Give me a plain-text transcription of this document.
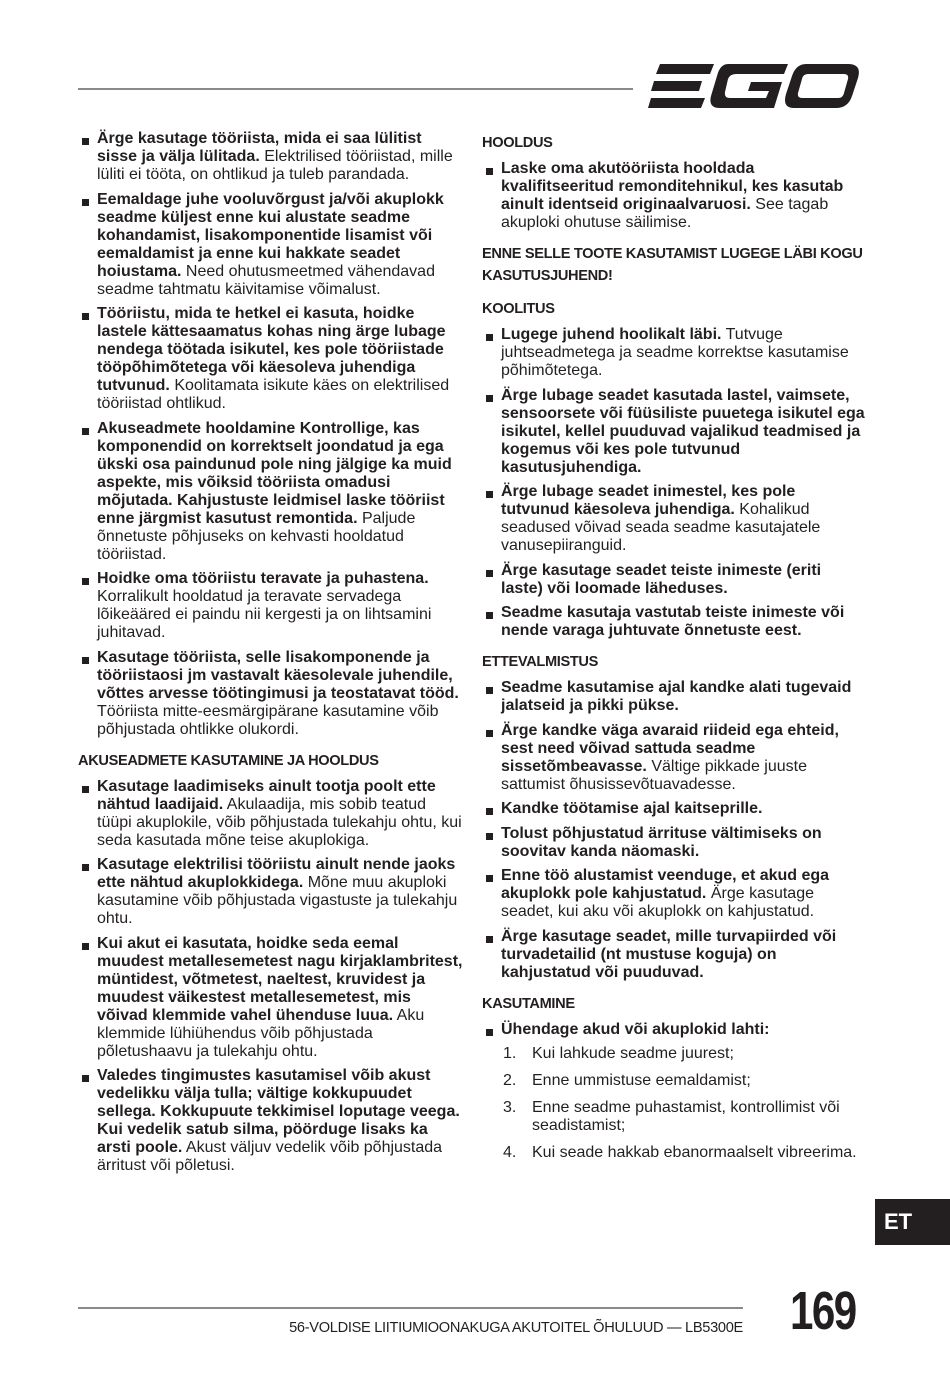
Ärge kasutage tööriista, mida ei saa lülitist sisse ja välja lülitada. Elektrilised tööriistad, mille lüliti ei tööta, on ohtlikud ja tuleb parandada.
Eemaldage juhe vooluvõrgust ja/või akuplokk seadme küljest enne kui alustate seadme kohandamist, lisakomponentide lisamist või eemaldamist ja enne kui hakkate seadet hoiustama. Need ohutusmeetmed vähendavad seadme tahtmatu käivitamise võimalust.
Tööriistu, mida te hetkel ei kasuta, hoidke lastele kättesaamatus kohas ning ärge lubage nendega töötada isikutel, kes pole tööriistade tööpõhimõtetega või käesoleva juhendiga tutvunud. Koolitamata isikute käes on elektrilised tööriistad ohtlikud.
Akuseadmete hooldamine Kontrollige, kas komponendid on korrektselt joondatud ja ega ükski osa paindunud pole ning jälgige ka muid aspekte, mis võiksid tööriista omadusi mõjutada. Kahjustuste leidmisel laske tööriist enne järgmist kasutust remontida. Paljude õnnetuste põhjuseks on kehvasti hooldatud tööriistad.
Hoidke oma tööriistu teravate ja puhastena. Korralikult hooldatud ja teravate servadega lõikeääred ei paindu nii kergesti ja on lihtsamini juhitavad.
Kasutage tööriista, selle lisakomponende ja tööriistaosi jm vastavalt käesolevale juhendile, võttes arvesse töötingimusi ja teostatavat tööd. Tööriista mitte-eesmärgipärane kasutamine võib põhjustada ohtlikke olukordi.
AKUSEADMETE KASUTAMINE JA HOOLDUS
Kasutage laadimiseks ainult tootja poolt ette nähtud laadijaid. Akulaadija, mis sobib teatud tüüpi akuplokile, võib põhjustada tulekahju ohtu, kui seda kasutada mõne teise akuplokiga.
Kasutage elektrilisi tööriistu ainult nende jaoks ette nähtud akuplokkidega. Mõne muu akuploki kasutamine võib põhjustada vigastuste ja tulekahju ohtu.
Kui akut ei kasutata, hoidke seda eemal muudest metallesemetest nagu kirjaklambritest, müntidest, võtmetest, naeltest, kruvidest ja muudest väikestest metallesemetest, mis võivad klemmide vahel ühenduse luua. Aku klemmide lühiühendus võib põhjustada põletushaavu ja tulekahju ohtu.
Valedes tingimustes kasutamisel võib akust vedelikku välja tulla; vältige kokkupuudet sellega. Kokkupuute tekkimisel loputage veega. Kui vedelik satub silma, pöörduge lisaks ka arsti poole. Akust väljuv vedelik võib põhjustada ärritust või põletusi.
HOOLDUS
Laske oma akutööriista hooldada kvalifitseeritud remonditehnikul, kes kasutab ainult identseid originaalvaruosi. See tagab akuploki ohutuse säilimise.
ENNE SELLE TOOTE KASUTAMIST LUGEGE LÄBI KOGU KASUTUSJUHEND!
KOOLITUS
Lugege juhend hoolikalt läbi. Tutvuge juhtseadmetega ja seadme korrektse kasutamise põhimõtetega.
Ärge lubage seadet kasutada lastel, vaimsete, sensoorsete või füüsiliste puuetega isikutel ega isikutel, kellel puuduvad vajalikud teadmised ja kogemus või kes pole tutvunud kasutusjuhendiga.
Ärge lubage seadet inimestel, kes pole tutvunud käesoleva juhendiga. Kohalikud seadused võivad seada seadme kasutajatele vanusepiiranguid.
Ärge kasutage seadet teiste inimeste (eriti laste) või loomade läheduses.
Seadme kasutaja vastutab teiste inimeste või nende varaga juhtuvate õnnetuste eest.
ETTEVALMISTUS
Seadme kasutamise ajal kandke alati tugevaid jalatseid ja pikki pükse.
Ärge kandke väga avaraid riideid ega ehteid, sest need võivad sattuda seadme sissetõmbeavasse. Vältige pikkade juuste sattumist õhusissevõtuavadesse.
Kandke töötamise ajal kaitseprille.
Tolust põhjustatud ärrituse vältimiseks on soovitav kanda näomaski.
Enne töö alustamist veenduge, et akud ega akuplokk pole kahjustatud. Ärge kasutage seadet, kui aku või akuplokk on kahjustatud.
Ärge kasutage seadet, mille turvapiirded või turvadetailid (nt mustuse koguja) on kahjustatud või puuduvad.
KASUTAMINE
Ühendage akud või akuplokid lahti:
1. Kui lahkude seadme juurest;
2. Enne ummistuse eemaldamist;
3. Enne seadme puhastamist, kontrollimist või seadistamist;
4. Kui seade hakkab ebanormaalselt vibreerima.
ET
56-VOLDISE LIITIUMIOONAKUGA AKUTOITEL ÕHULUUD — LB5300E 169
